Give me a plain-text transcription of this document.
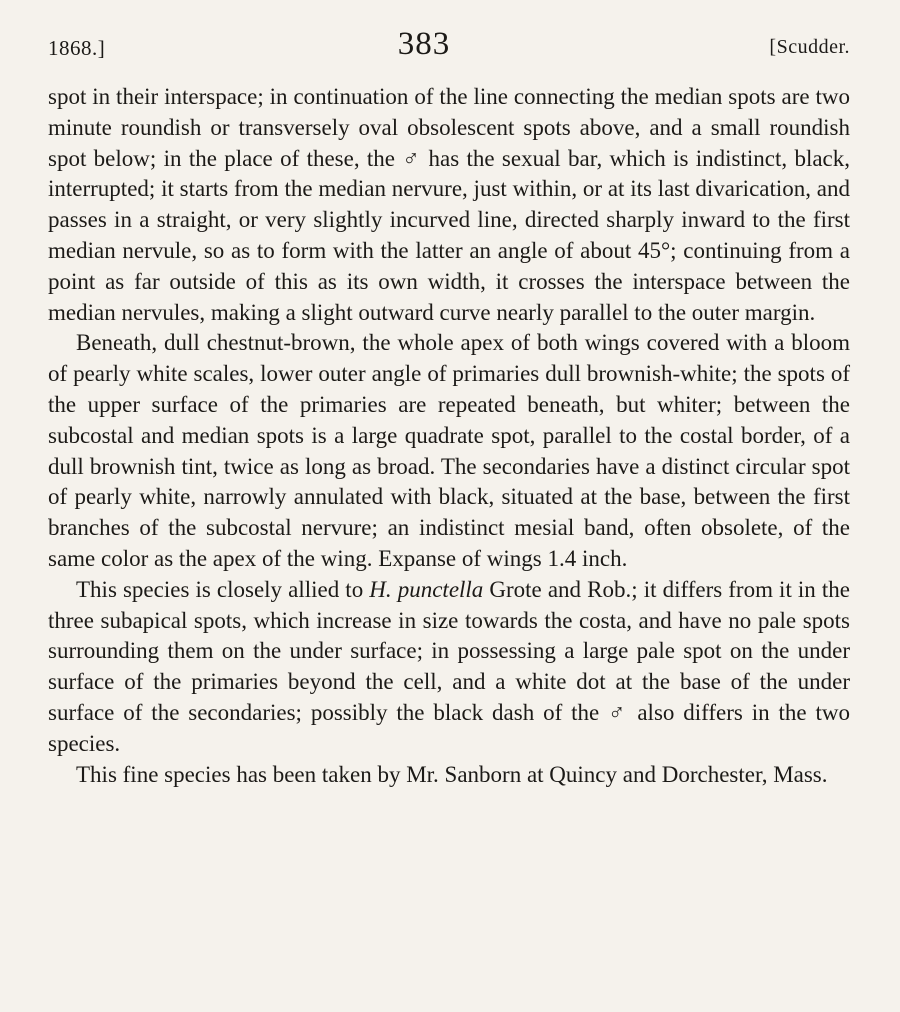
1868.]	383	[Scudder.

spot in their interspace; in continuation of the line connecting the median spots are two minute roundish or transversely oval obsolescent spots above, and a small roundish spot below; in the place of these, the ♂ has the sexual bar, which is indistinct, black, interrupted; it starts from the median nervure, just within, or at its last divarication, and passes in a straight, or very slightly incurved line, directed sharply inward to the first median nervule, so as to form with the latter an angle of about 45°; continuing from a point as far outside of this as its own width, it crosses the interspace between the median nervules, making a slight outward curve nearly parallel to the outer margin.

Beneath, dull chestnut-brown, the whole apex of both wings covered with a bloom of pearly white scales, lower outer angle of primaries dull brownish-white; the spots of the upper surface of the primaries are repeated beneath, but whiter; between the subcostal and median spots is a large quadrate spot, parallel to the costal border, of a dull brownish tint, twice as long as broad. The secondaries have a distinct circular spot of pearly white, narrowly annulated with black, situated at the base, between the first branches of the subcostal nervure; an indistinct mesial band, often obsolete, of the same color as the apex of the wing. Expanse of wings 1.4 inch.

This species is closely allied to H. punctella Grote and Rob.; it differs from it in the three subapical spots, which increase in size towards the costa, and have no pale spots surrounding them on the under surface; in possessing a large pale spot on the under surface of the primaries beyond the cell, and a white dot at the base of the under surface of the secondaries; possibly the black dash of the ♂ also differs in the two species.

This fine species has been taken by Mr. Sanborn at Quincy and Dorchester, Mass.
